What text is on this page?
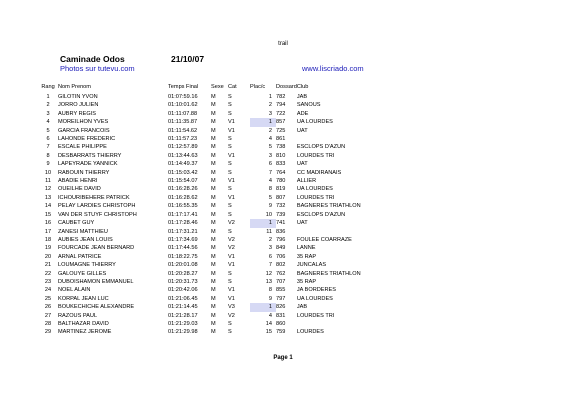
trail
Caminade Odos	21/10/07
Photos sur tutevu.com	www.liscriado.com
Rang	Nom Prenom	Temps Final	Sexe	Cat	Plac/c	Dossard	Club
1	GILOTIN YVON	01:07:59.16	M	S	1	782	JAB
2	JORRO JULIEN	01:10:01.62	M	S	2	794	SANOUS
3	AUBRY REGIS	01:11:07.88	M	S	3	722	ADE
4	MOREILHON YVES	01:11:35.87	M	V1	1	857	UA LOURDES
5	GARCIA FRANCOIS	01:11:54.62	M	V1	2	725	UAT
6	LAHONDE FREDERIC	01:11:57.23	M	S	4	861	
7	ESCALE PHILIPPE	01:12:57.89	M	S	5	738	ESCLOPS D'AZUN
8	DESBARRATS THIERRY	01:13:44.63	M	V1	3	810	LOURDES TRI
9	LAPEYRADE YANNICK	01:14:49.37	M	S	6	833	UAT
10	RABOUIN THIERRY	01:15:03.42	M	S	7	764	CC MADIRANAIS
11	ABADIE HENRI	01:15:54.07	M	V1	4	780	ALLIER
12	OUEILHE DAVID	01:16:28.26	M	S	8	819	UA LOURDES
13	ICHOURIBEHERE PATRICK	01:16:28.62	M	V1	5	807	LOURDES TRI
14	PELAY LARDIES CHRISTOPH	01:16:55.35	M	S	9	732	BAGNERES TRIATHLON
15	VAN DER STUYF CHRISTOPH	01:17:17.41	M	S	10	739	ESCLOPS D'AZUN
16	CAUBET GUY	01:17:28.46	M	V2	1	741	UAT
17	ZANESI MATTHIEU	01:17:31.21	M	S	11	836	
18	AUBIES JEAN LOUIS	01:17:34.69	M	V2	2	796	FOULEE COARRAZE
19	FOURCADE JEAN BERNARD	01:17:44.56	M	V2	3	849	LANNE
20	ARNAL PATRICE	01:18:22.75	M	V1	6	706	35 RAP
21	LOUMAGNE THIERRY	01:20:01.08	M	V1	7	802	JUNCALAS
22	GALOUYE GILLES	01:20:28.27	M	S	12	762	BAGNERES TRIATHLON
23	DUBOISHAMON EMMANUEL	01:20:31.73	M	S	13	707	35 RAP
24	NOEL ALAIN	01:20:42.06	M	V1	8	855	JA BORDERES
25	KORPAL JEAN LUC	01:21:06.45	M	V1	9	797	UA LOURDES
26	BOUKECHICHE ALEXANDRE	01:21:14.45	M	V3	1	826	JAB
27	RAZOUS PAUL	01:21:28.17	M	V2	4	831	LOURDES TRI
28	BALTHAZAR DAVID	01:21:29.03	M	S	14	860	
29	MARTINEZ JEROME	01:21:29.98	M	S	15	759	LOURDES
Page 1
